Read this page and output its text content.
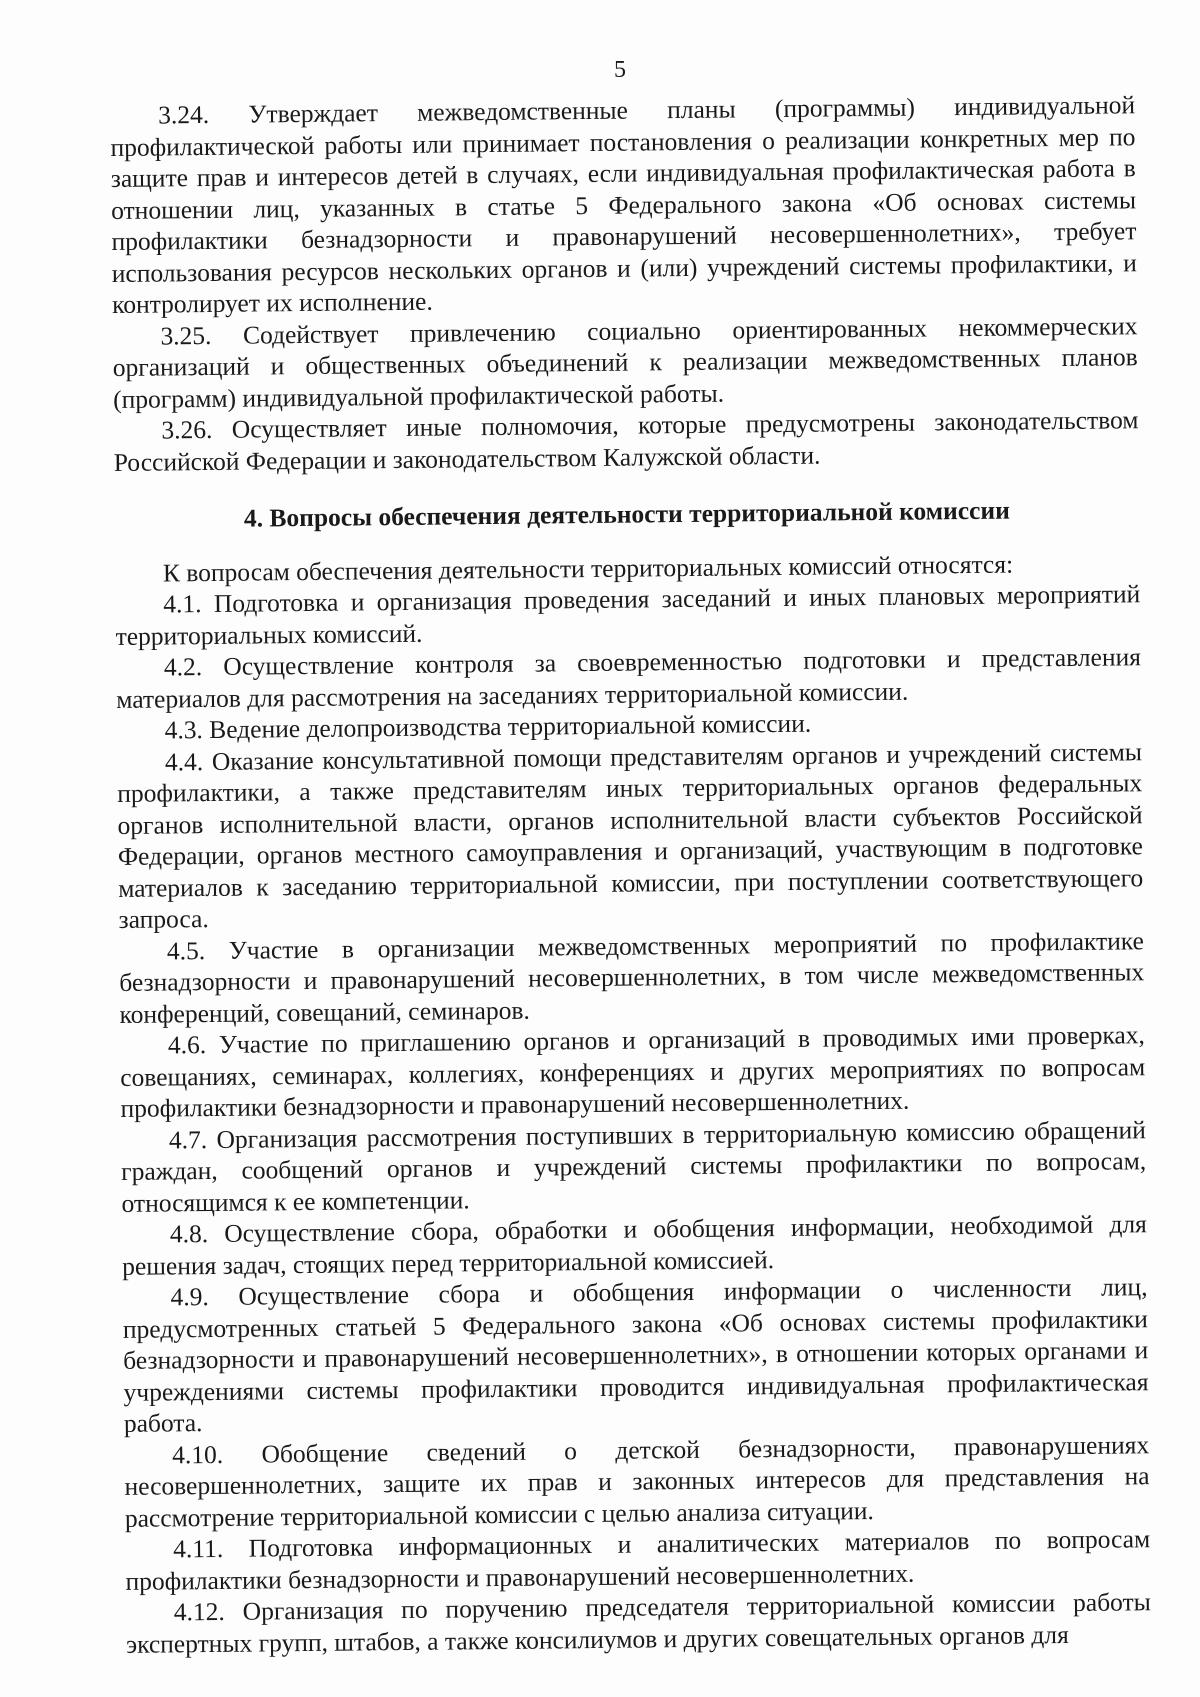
5

3.24. Утверждает межведомственные планы (программы) индивидуальной профилактической работы или принимает постановления о реализации конкретных мер по защите прав и интересов детей в случаях, если индивидуальная профилактическая работа в отношении лиц, указанных в статье 5 Федерального закона «Об основах системы профилактики безнадзорности и правонарушений несовершеннолетних», требует использования ресурсов нескольких органов и (или) учреждений системы профилактики, и контролирует их исполнение.

3.25. Содействует привлечению социально ориентированных некоммерческих организаций и общественных объединений к реализации межведомственных планов (программ) индивидуальной профилактической работы.

3.26. Осуществляет иные полномочия, которые предусмотрены законодательством Российской Федерации и законодательством Калужской области.

4. Вопросы обеспечения деятельности территориальной комиссии

К вопросам обеспечения деятельности территориальных комиссий относятся:

4.1. Подготовка и организация проведения заседаний и иных плановых мероприятий территориальных комиссий.

4.2. Осуществление контроля за своевременностью подготовки и представления материалов для рассмотрения на заседаниях территориальной комиссии.

4.3. Ведение делопроизводства территориальной комиссии.

4.4. Оказание консультативной помощи представителям органов и учреждений системы профилактики, а также представителям иных территориальных органов федеральных органов исполнительной власти, органов исполнительной власти субъектов Российской Федерации, органов местного самоуправления и организаций, участвующим в подготовке материалов к заседанию территориальной комиссии, при поступлении соответствующего запроса.

4.5. Участие в организации межведомственных мероприятий по профилактике безнадзорности и правонарушений несовершеннолетних, в том числе межведомственных конференций, совещаний, семинаров.

4.6. Участие по приглашению органов и организаций в проводимых ими проверках, совещаниях, семинарах, коллегиях, конференциях и других мероприятиях по вопросам профилактики безнадзорности и правонарушений несовершеннолетних.

4.7. Организация рассмотрения поступивших в территориальную комиссию обращений граждан, сообщений органов и учреждений системы профилактики по вопросам, относящимся к ее компетенции.

4.8. Осуществление сбора, обработки и обобщения информации, необходимой для решения задач, стоящих перед территориальной комиссией.

4.9. Осуществление сбора и обобщения информации о численности лиц, предусмотренных статьей 5 Федерального закона «Об основах системы профилактики безнадзорности и правонарушений несовершеннолетних», в отношении которых органами и учреждениями системы профилактики проводится индивидуальная профилактическая работа.

4.10. Обобщение сведений о детской безнадзорности, правонарушениях несовершеннолетних, защите их прав и законных интересов для представления на рассмотрение территориальной комиссии с целью анализа ситуации.

4.11. Подготовка информационных и аналитических материалов по вопросам профилактики безнадзорности и правонарушений несовершеннолетних.

4.12. Организация по поручению председателя территориальной комиссии работы экспертных групп, штабов, а также консилиумов и других совещательных органов для
